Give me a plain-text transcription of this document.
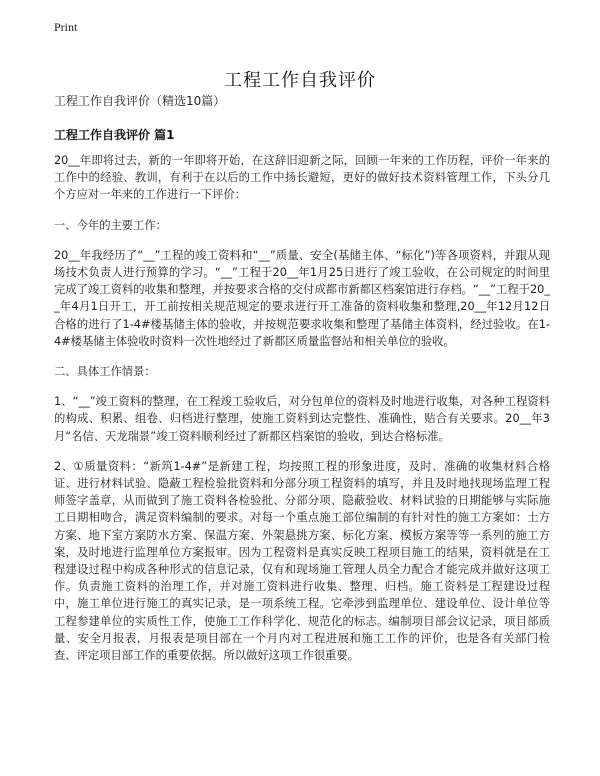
Print
工程工作自我评价
工程工作自我评价（精选10篇）
工程工作自我评价 篇1

20__年即将过去，新的一年即将开始，在这辞旧迎新之际，回顾一年来的工作历程，评价一年来的工作中的经验、教训，有利于在以后的工作中扬长避短，更好的做好技术资料管理工作，下头分几个方应对一年来的工作进行一下评价：

一、今年的主要工作：

20__年我经历了“__”工程的竣工资料和“__”质量、安全(基储主体、“标化”)等各项资料，并跟从现场技术负责人进行预算的学习。“__”工程于20__年1月25日进行了竣工验收，在公司规定的时间里完成了竣工资料的收集和整理，并按要求合格的交付成都市新都区档案馆进行存档。“__”工程于20__年4月1日开工，开工前按相关规范规定的要求进行开工准备的资料收集和整理,20__年12月12日合格的进行了1-4#楼基储主体的验收，并按规范要求收集和整理了基储主体资料，经过验收。在1-4#楼基储主体验收时资料一次性地经过了新都区质量监督站和相关单位的验收。

二、具体工作情景：

1、“__”竣工资料的整理，在工程竣工验收后，对分包单位的资料及时地进行收集，对各种工程资料的构成、积累、组卷、归档进行整理，使施工资料到达完整性、准确性，贴合有关要求。20__年3月“名信、天龙瑞景”竣工资料顺利经过了新都区档案馆的验收，到达合格标准。

2、①质量资料：“新筑1-4#”是新建工程，均按照工程的形象进度，及时、准确的收集材料合格证、进行材料试验、隐蔽工程检验批资料和分部分项工程资料的填写，并且及时地找现场监理工程师签字盖章，从而做到了施工资料各检验批、分部分项、隐蔽验收、材料试验的日期能够与实际施工日期相吻合，满足资料编制的要求。对每一个重点施工部位编制的有针对性的施工方案如：土方方案、地下室方案防水方案、保温方案、外架悬挑方案、标化方案、模板方案等等一系列的施工方案，及时地进行监理单位方案报审。因为工程资料是真实反映工程项目施工的结果，资料就是在工程建设过程中构成各种形式的信息记录，仅有和现场施工管理人员全力配合才能完成并做好这项工作。负责施工资料的治理工作，并对施工资料进行收集、整理、归档。施工资料是工程建设过程中，施工单位进行施工的真实记录，是一项系统工程。它牵涉到监理单位、建设单位、设计单位等工程参建单位的实质性工作，使施工工作科学化、规范化的标志。编制项目部会议记录，项目部质量、安全月报表，月报表是项目部在一个月内对工程进展和施工工作的评价，也是各有关部门检查、评定项目部工作的重要依据。所以做好这项工作很重要。
